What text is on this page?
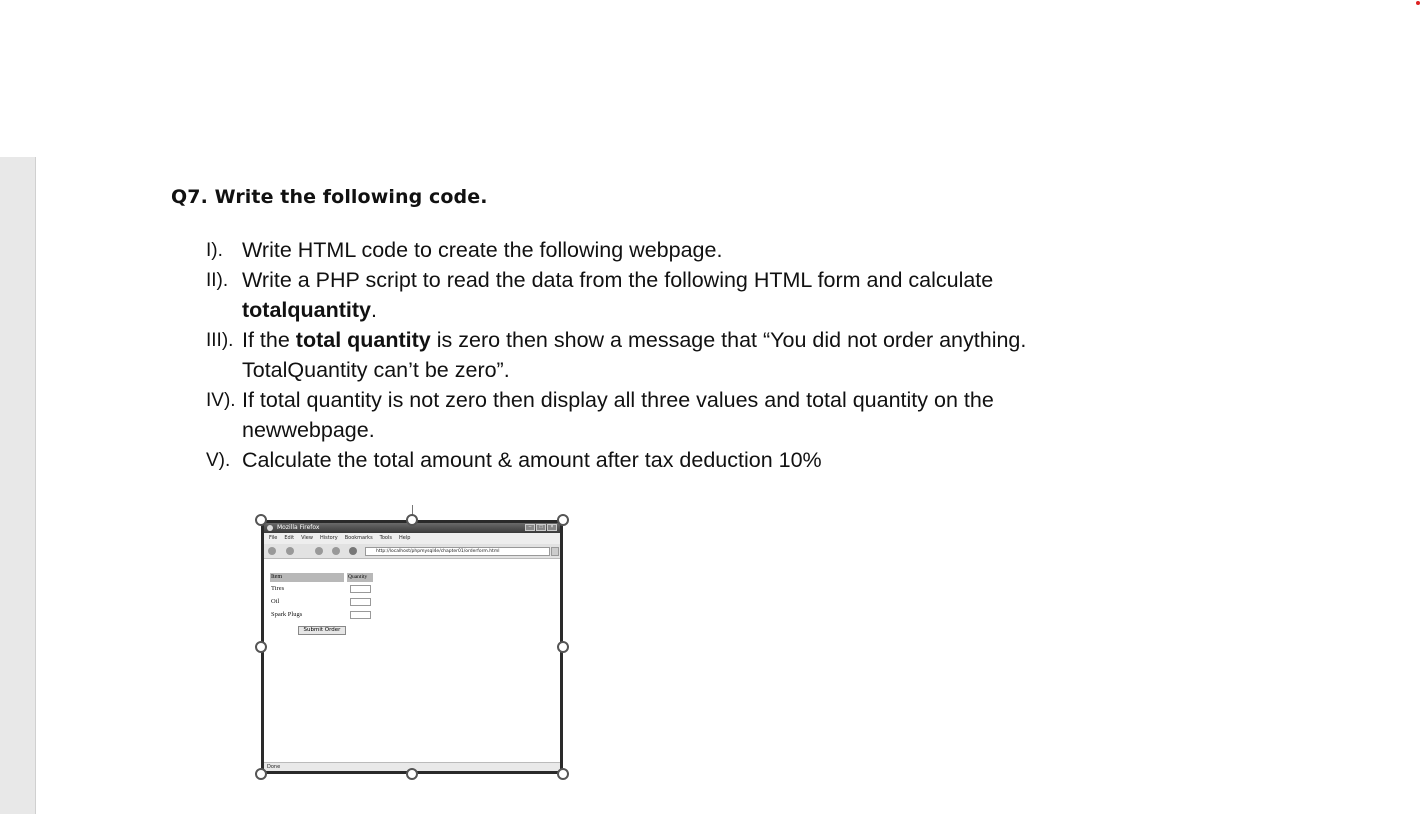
Q7. Write the following code.
I). Write HTML code to create the following webpage.
II). Write a PHP script to read the data from the following HTML form and calculate totalquantity.
III). If the total quantity is zero then show a message that “You did not order anything. TotalQuantity can’t be zero”.
IV). If total quantity is not zero then display all three values and total quantity on the newwebpage.
V). Calculate the total amount & amount after tax deduction 10%
Mozilla Firefox	–	□	×
File Edit View History Bookmarks Tools Help
http://localhost/phpmysql4e/chapter01/orderform.html
Item	Quantity
Tires
Oil
Spark Plugs
Submit Order
Done
